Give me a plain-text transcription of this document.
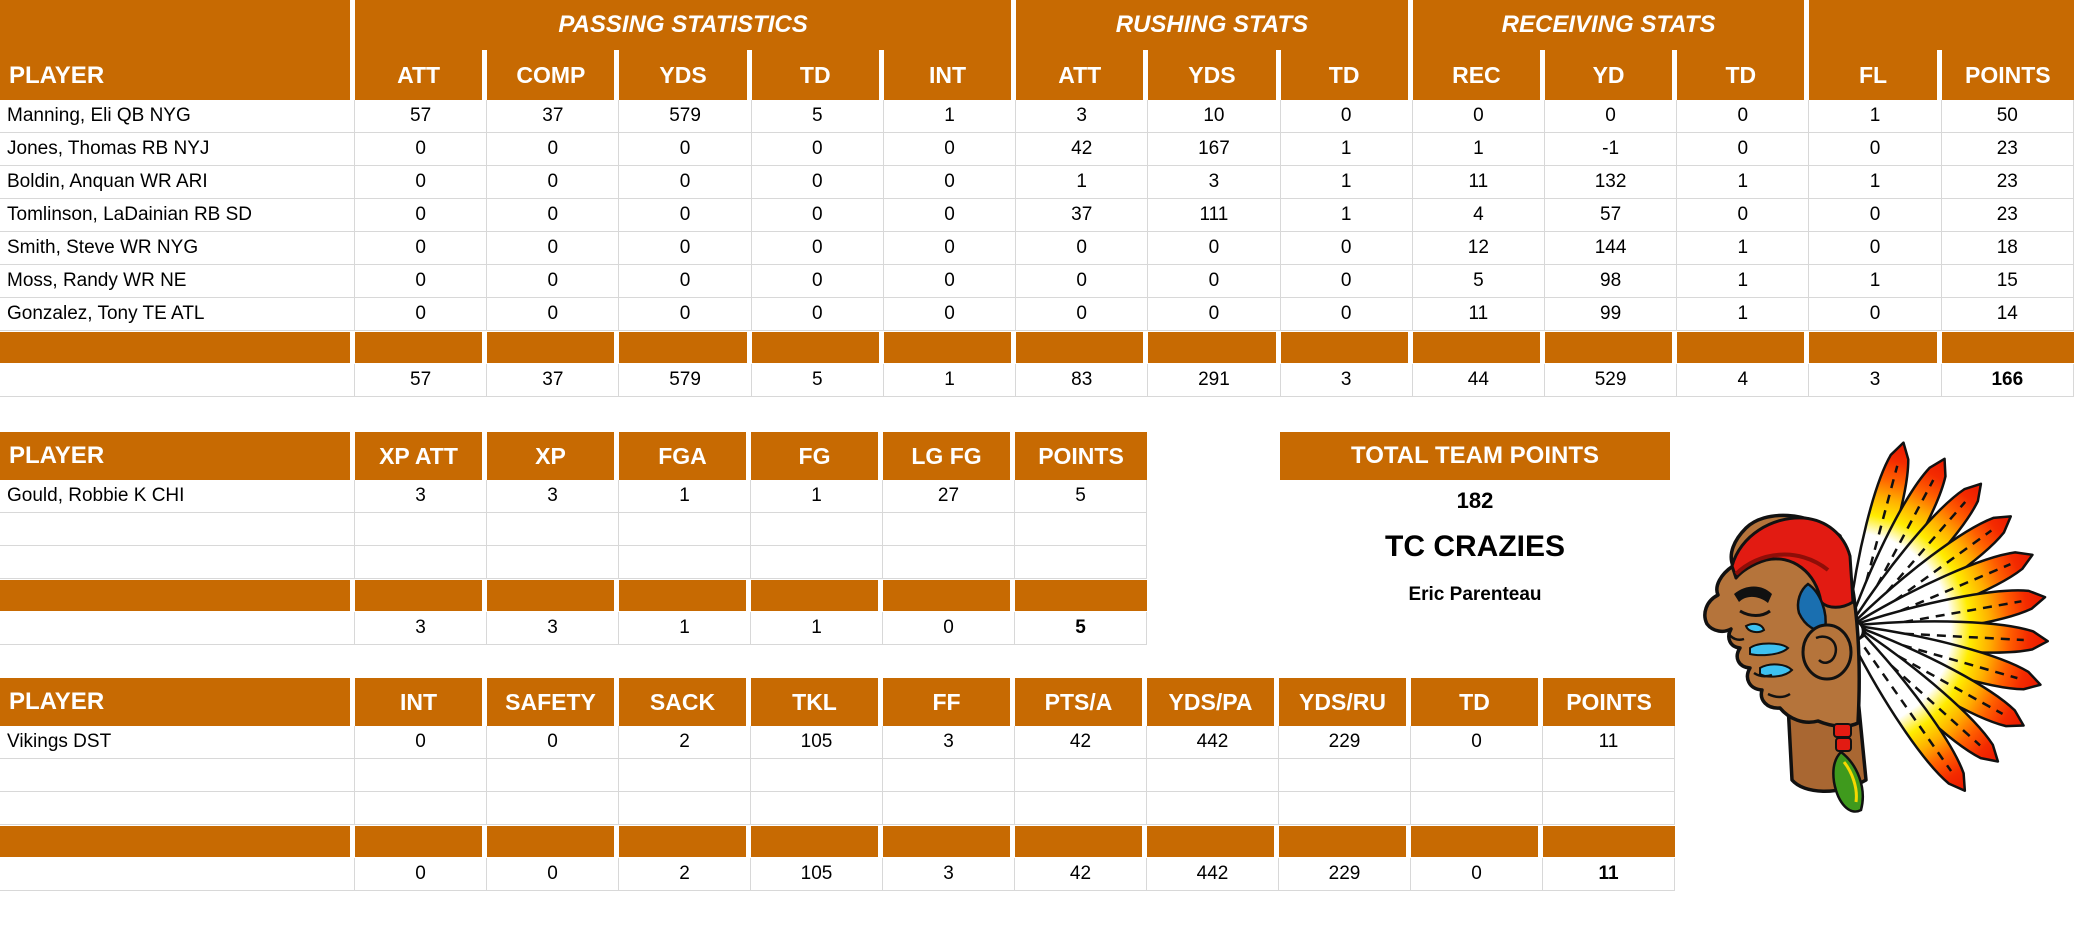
PLAYER	PASSING STATISTICS					RUSHING STATS			RECEIVING STATS				
	ATT	COMP	YDS	TD	INT	ATT	YDS	TD	REC	YD	TD	FL	POINTS
Manning, Eli QB NYG	57	37	579	5	1	3	10	0	0	0	0	1	50
Jones, Thomas RB NYJ	0	0	0	0	0	42	167	1	1	-1	0	0	23
Boldin, Anquan WR ARI	0	0	0	0	0	1	3	1	11	132	1	1	23
Tomlinson, LaDainian RB SD	0	0	0	0	0	37	111	1	4	57	0	0	23
Smith, Steve WR NYG	0	0	0	0	0	0	0	0	12	144	1	0	18
Moss, Randy WR NE	0	0	0	0	0	0	0	0	5	98	1	1	15
Gonzalez, Tony TE ATL	0	0	0	0	0	0	0	0	11	99	1	0	14

	57	37	579	5	1	83	291	3	44	529	4	3	166
PLAYER	XP ATT	XP	FGA	FG	LG FG	POINTS
Gould, Robbie K CHI	3	3	1	1	27	5

	3	3	1	1	0	5
PLAYER	INT	SAFETY	SACK	TKL	FF	PTS/A	YDS/PA	YDS/RU	TD	POINTS
Vikings DST	0	0	2	105	3	42	442	229	0	11

	0	0	2	105	3	42	442	229	0	11
TOTAL TEAM POINTS
182
TC CRAZIES
Eric Parenteau
